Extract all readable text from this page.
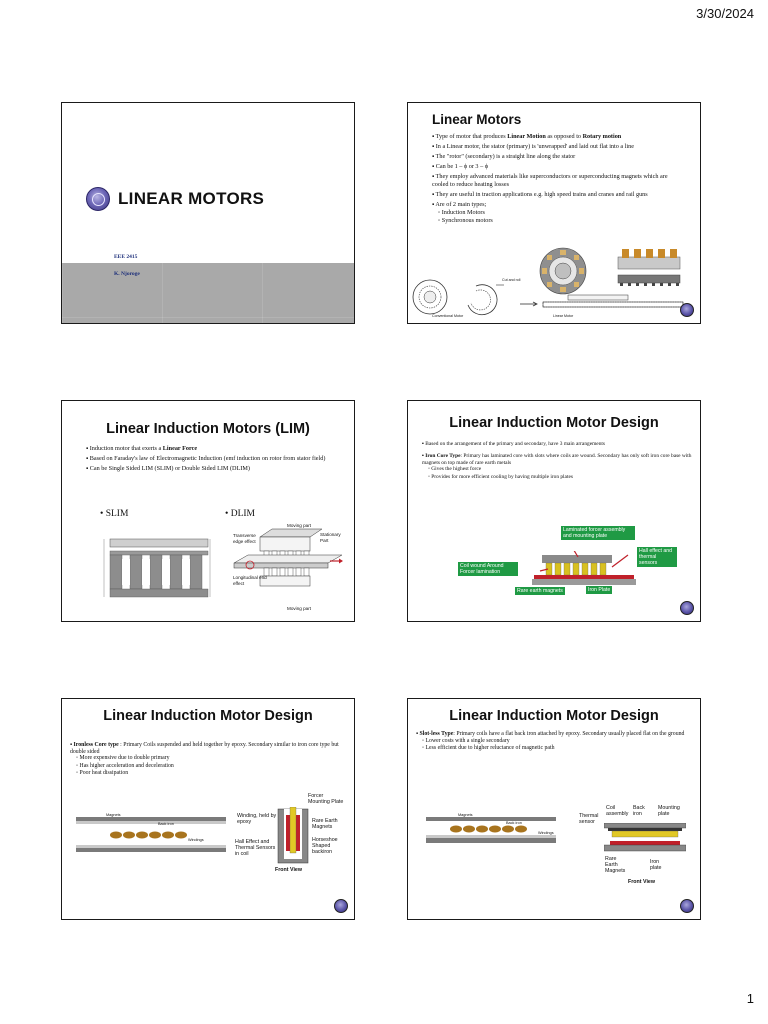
3/30/2024
LINEAR MOTORS
EEE 2415
K. Njoroge
Linear Motors
▪ Type of motor that produces Linear Motion as opposed to Rotary motion
▪ In a Linear motor, the stator (primary) is 'unwrapped' and laid out flat into a line
▪ The "rotor" (secondary) is a straight line along the stator
▪ Can be 1 – ϕ or 3 – ϕ
▪ They employ advanced materials like superconductors or superconducting magnets which are cooled to reduce heating losses
▪ They are useful in traction applications e.g. high speed trains and cranes and rail guns
▪ Are of 2 main types;
◦ Induction Motors
◦ Synchronous motors
Cut and roll
Conventional Motor	Linear Motor
Linear Induction Motors (LIM)
▪ Induction motor that exerts a Linear Force
▪ Based on Faraday's law of Electromagnetic Induction (emf induction on rotor from stator field)
▪ Can be Single Sided LIM (SLIM) or Double Sided LIM (DLIM)
• SLIM	• DLIM
Moving part
Stationary Part
Transverse edge effect
Longitudinal end effect
Moving part
Linear Induction Motor Design
▪ Based on the arrangement of the primary and secondary, have 3 main arrangements
▪ Iron Core Type: Primary has laminated core with slots where coils are wound. Secondary has only soft iron core base with magnets on top made of rare earth metals
◦ Gives the highest force
◦ Provides for more efficient cooling by having multiple iron plates
Laminated forcer assembly and mounting plate
Coil wound Around Forcer lamination
Hall effect and thermal sensors
Rare earth magnets	Iron Plate
Linear Induction Motor Design
▪ Ironless Core type : Primary Coils suspended and held together by epoxy. Secondary similar to iron core type but double sided
◦ More expensive due to double primary
◦ Has higher acceleration and deceleration
◦ Poor heat dissipation
Magnets
Back iron
Windings
Winding, held by epoxy
Hall Effect and Thermal Sensors in coil
Forcer Mounting Plate
Rare Earth Magnets
Horseshoe Shaped backiron
Front View
Linear Induction Motor Design
▪ Slot-less Type: Primary coils have a flat back iron attached by epoxy. Secondary usually placed flat on the ground
◦ Lower costs with a single secondary
◦ Less efficient due to higher reluctance of magnetic path
Magnets
Back iron
Windings
Coil assembly
Back iron
Mounting plate
Thermal sensor
Rare Earth Magnets
Iron plate
Front View
1
